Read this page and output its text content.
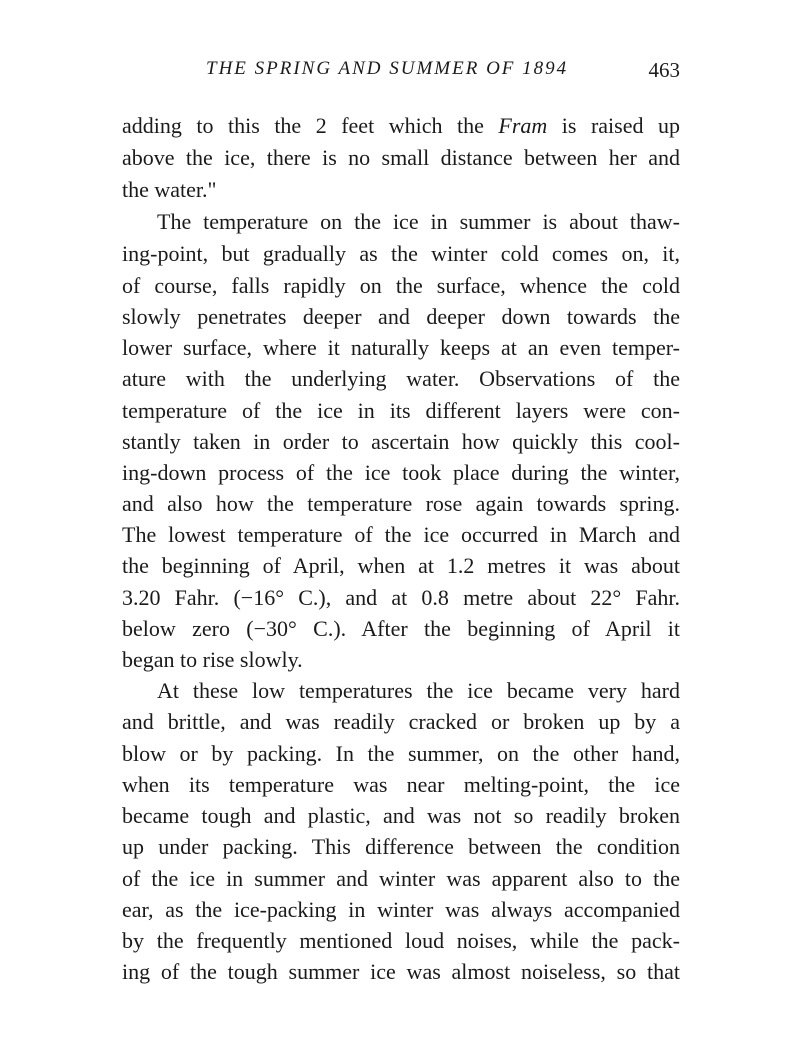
THE SPRING AND SUMMER OF 1894	463
adding to this the 2 feet which the Fram is raised up
above the ice, there is no small distance between her and
the water."
The temperature on the ice in summer is about thaw-
ing-point, but gradually as the winter cold comes on, it,
of course, falls rapidly on the surface, whence the cold
slowly penetrates deeper and deeper down towards the
lower surface, where it naturally keeps at an even temper-
ature with the underlying water. Observations of the
temperature of the ice in its different layers were con-
stantly taken in order to ascertain how quickly this cool-
ing-down process of the ice took place during the winter,
and also how the temperature rose again towards spring.
The lowest temperature of the ice occurred in March and
the beginning of April, when at 1.2 metres it was about
3.20 Fahr. (−16° C.), and at 0.8 metre about 22° Fahr.
below zero (−30° C.). After the beginning of April it
began to rise slowly.
At these low temperatures the ice became very hard
and brittle, and was readily cracked or broken up by a
blow or by packing. In the summer, on the other hand,
when its temperature was near melting-point, the ice
became tough and plastic, and was not so readily broken
up under packing. This difference between the condition
of the ice in summer and winter was apparent also to the
ear, as the ice-packing in winter was always accompanied
by the frequently mentioned loud noises, while the pack-
ing of the tough summer ice was almost noiseless, so that
